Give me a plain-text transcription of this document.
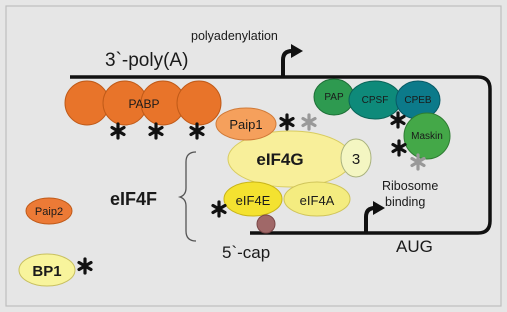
polyadenylation
3`-poly(A)
PABP
eIF4G
Paip1
3
eIF4A
eIF4E
5`-cap
eIF4F
Ribosome
binding
AUG
PAP CPSF CPEB
Maskin
Paip2
BP1
